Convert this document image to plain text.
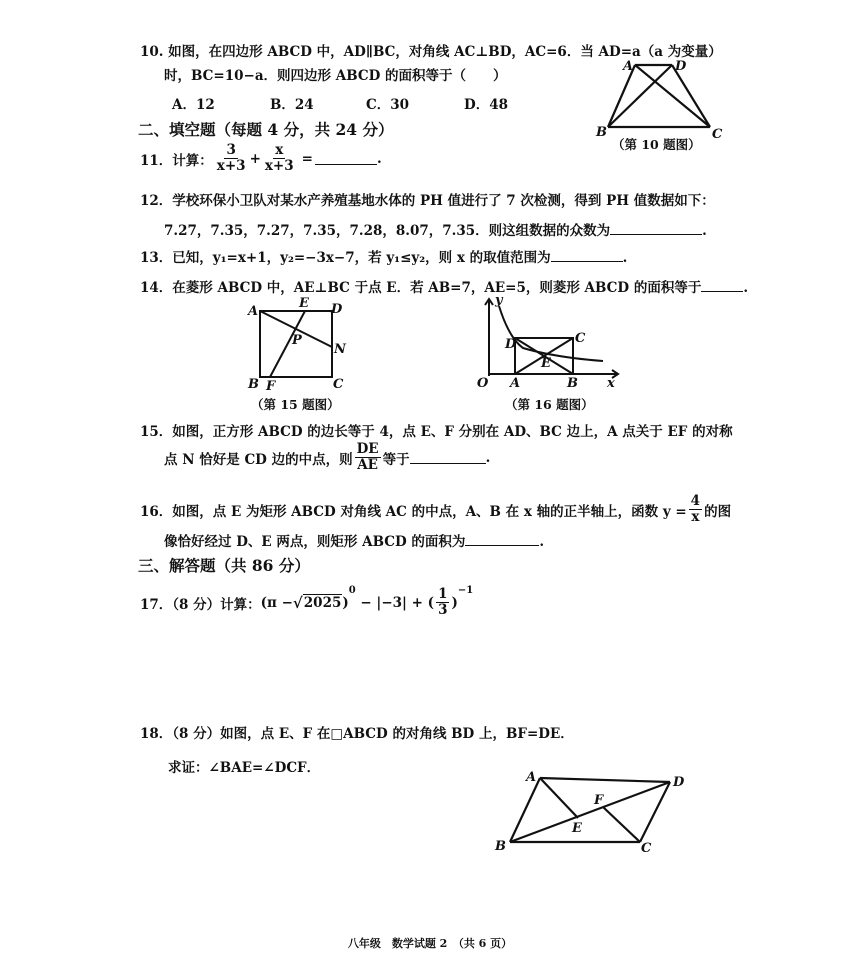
10. 如图，在四边形 ABCD 中，AD∥BC，对角线 AC⊥BD，AC=6．当 AD=a（a 为变量）
时，BC=10−a．则四边形 ABCD 的面积等于（　　）
A．12	B．24	C．30	D．48
A	D
B	C
（第 10 题图）
二、填空题（每题 4 分，共 24 分）
11．计算： $\frac{3}{x+3} + \frac{x}{x+3}$ =	.
12．学校环保小卫队对某水产养殖基地水体的 PH 值进行了 7 次检测，得到 PH 值数据如下：
7.27，7.35，7.27，7.35，7.28，8.07，7.35．则这组数据的众数为	.
13．已知，y₁=x+1，y₂=−3x−7，若 y₁≤y₂，则 x 的取值范围为	.
14．在菱形 ABCD 中，AE⊥BC 于点 E．若 AB=7，AE=5，则菱形 ABCD 的面积等于	.
A
E D
P
N
B F	C
（第 15 题图）
y
D	C
E
O A	B x
（第 16 题图）
15．如图，正方形 ABCD 的边长等于 4，点 E、F 分别在 AD、BC 边上，A 点关于 EF 的对称
点 N 恰好是 CD 边的中点，则 $\frac{DE}{AE}$ 等于	.
16．如图，点 E 为矩形 ABCD 对角线 AC 的中点，A、B 在 x 轴的正半轴上，函数 $y = \frac{4}{x}$ 的图
像恰好经过 D、E 两点，则矩形 ABCD 的面积为	.
三、解答题（共 86 分）
17．（8 分）计算： (π − √ 2025 )
$^0$
− |−3| + ( $\frac{1}{3}$ )
$^{-1}$
18．（8 分）如图，点 E、F 在□ABCD 的对角线 BD 上，BF=DE．
求证：∠BAE=∠DCF．
A	D
F
E
B	C
八年级　数学试题 2　（共 6 页）
